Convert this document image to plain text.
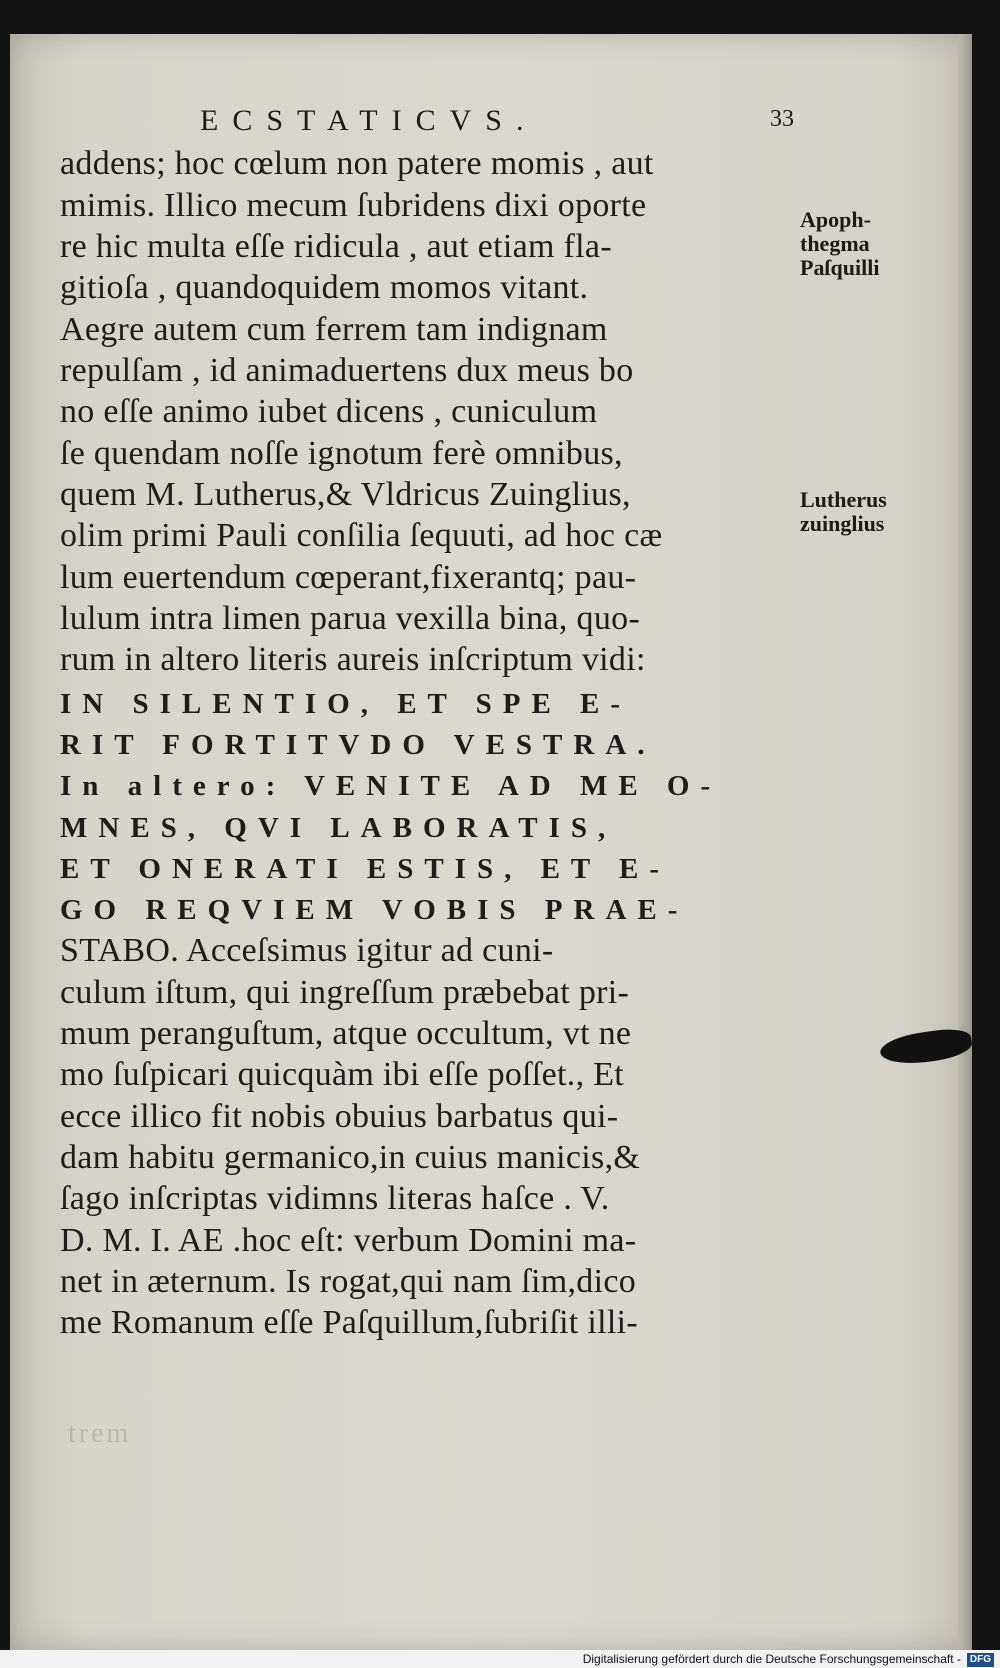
ECSTATICVS.	33
addens; hoc cœlum non patere momis , aut
mimis. Illico mecum ſubridens dixi oporte
re hic multa eſſe ridicula , aut etiam fla-
gitioſa , quandoquidem momos vitant.
Aegre autem cum ferrem tam indignam
repulſam , id animaduertens dux meus bo
no eſſe animo iubet dicens , cuniculum
ſe quendam noſſe ignotum ferè omnibus,
quem M. Lutherus,& Vldricus Zuinglius,
olim primi Pauli conſilia ſequuti, ad hoc cæ
lum euertendum cœperant,fixerantq; pau-
lulum intra limen parua vexilla bina, quo-
rum in altero literis aureis inſcriptum vidi:
IN SILENTIO, ET SPE E-
RIT FORTITVDO VESTRA.
In altero: VENITE AD ME O-
MNES, QVI LABORATIS,
ET ONERATI ESTIS, ET E-
GO REQVIEM VOBIS PRAE-
STABO. Acceſsimus igitur ad cuni-
culum iſtum, qui ingreſſum præbebat pri-
mum peranguſtum, atque occultum, vt ne
mo ſuſpicari quicquàm ibi eſſe poſſet., Et
ecce illico fit nobis obuius barbatus qui-
dam habitu germanico,in cuius manicis,&
ſago inſcriptas vidimns literas haſce . V.
D. M. I. AE .hoc eſt: verbum Domini ma-
net in æternum. Is rogat,qui nam ſim,dico
me Romanum eſſe Paſquillum,ſubriſit illi-
Apoph-
thegma
Paſquilli
Lutherus
zuinglius
trem
Digitalisierung gefördert durch die Deutsche Forschungsgemeinschaft - DFG
